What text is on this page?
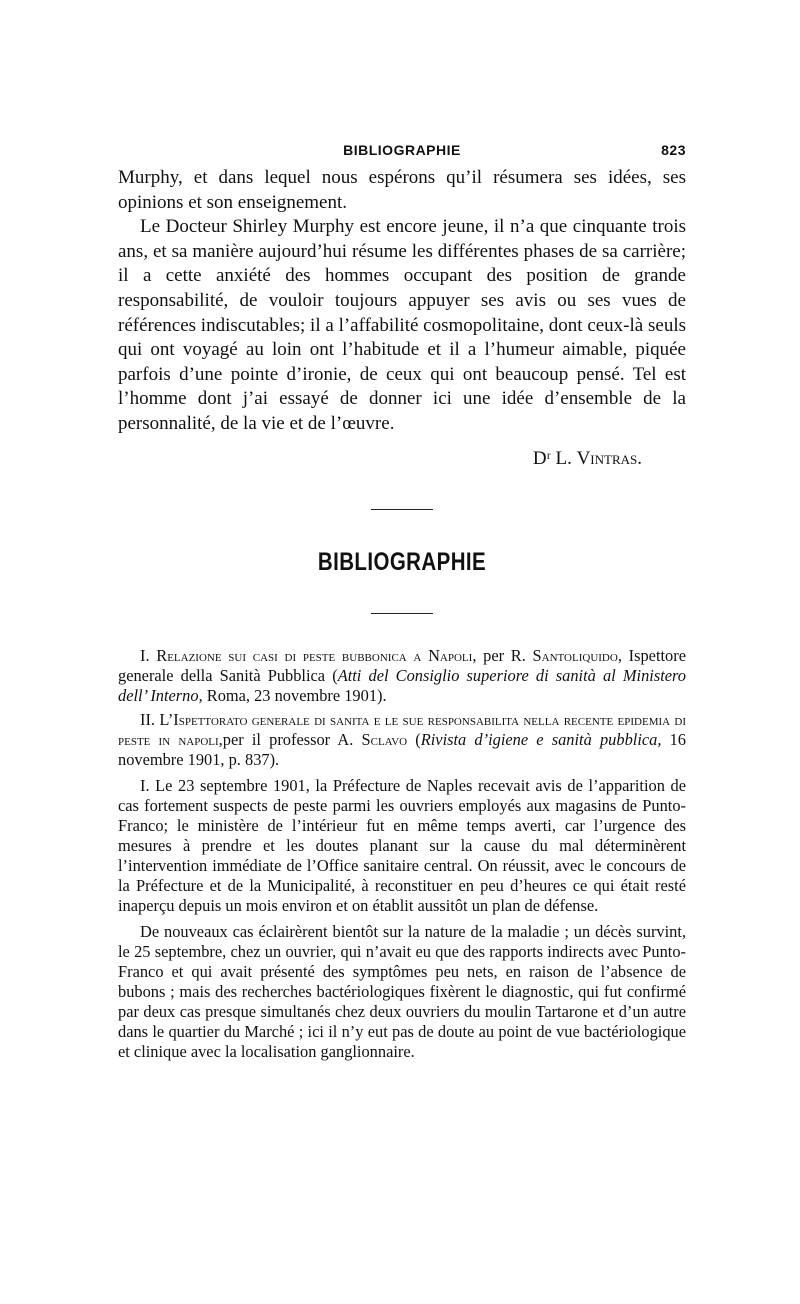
BIBLIOGRAPHIE	823

Murphy, et dans lequel nous espérons qu’il résumera ses idées, ses opinions et son enseignement.

Le Docteur Shirley Murphy est encore jeune, il n’a que cinquante trois ans, et sa manière aujourd’hui résume les différentes phases de sa carrière; il a cette anxiété des hommes occupant des position de grande responsabilité, de vouloir toujours appuyer ses avis ou ses vues de références indiscutables; il a l’affabilité cosmopolitaine, dont ceux-là seuls qui ont voyagé au loin ont l’habitude et il a l’humeur aimable, piquée parfois d’une pointe d’ironie, de ceux qui ont beaucoup pensé. Tel est l’homme dont j’ai essayé de donner ici une idée d’ensemble de la personnalité, de la vie et de l’œuvre.

Dʳ L. Vintras.
BIBLIOGRAPHIE

I. Relazione sui casi di peste bubbonica a Napoli, per R. Santoliquido, Ispettore generale della Sanità Pubblica (Atti del Consiglio superiore di sanità al Ministero dell’ Interno, Roma, 23 novembre 1901).

II. L’Ispettorato generale di sanita e le sue responsabilita nella recente epidemia di peste in napoli,per il professor A. Sclavo (Rivista d’igiene e sanità pubblica, 16 novembre 1901, p. 837).

I. Le 23 septembre 1901, la Préfecture de Naples recevait avis de l’apparition de cas fortement suspects de peste parmi les ouvriers employés aux magasins de Punto-Franco; le ministère de l’intérieur fut en même temps averti, car l’urgence des mesures à prendre et les doutes planant sur la cause du mal déterminèrent l’intervention immédiate de l’Office sanitaire central. On réussit, avec le concours de la Préfecture et de la Municipalité, à reconstituer en peu d’heures ce qui était resté inaperçu depuis un mois environ et on établit aussitôt un plan de défense.

De nouveaux cas éclairèrent bientôt sur la nature de la maladie ; un décès survint, le 25 septembre, chez un ouvrier, qui n’avait eu que des rapports indirects avec Punto-Franco et qui avait présenté des symptômes peu nets, en raison de l’absence de bubons ; mais des recherches bactériologiques fixèrent le diagnostic, qui fut confirmé par deux cas presque simultanés chez deux ouvriers du moulin Tartarone et d’un autre dans le quartier du Marché ; ici il n’y eut pas de doute au point de vue bactériologique et clinique avec la localisation ganglionnaire.
